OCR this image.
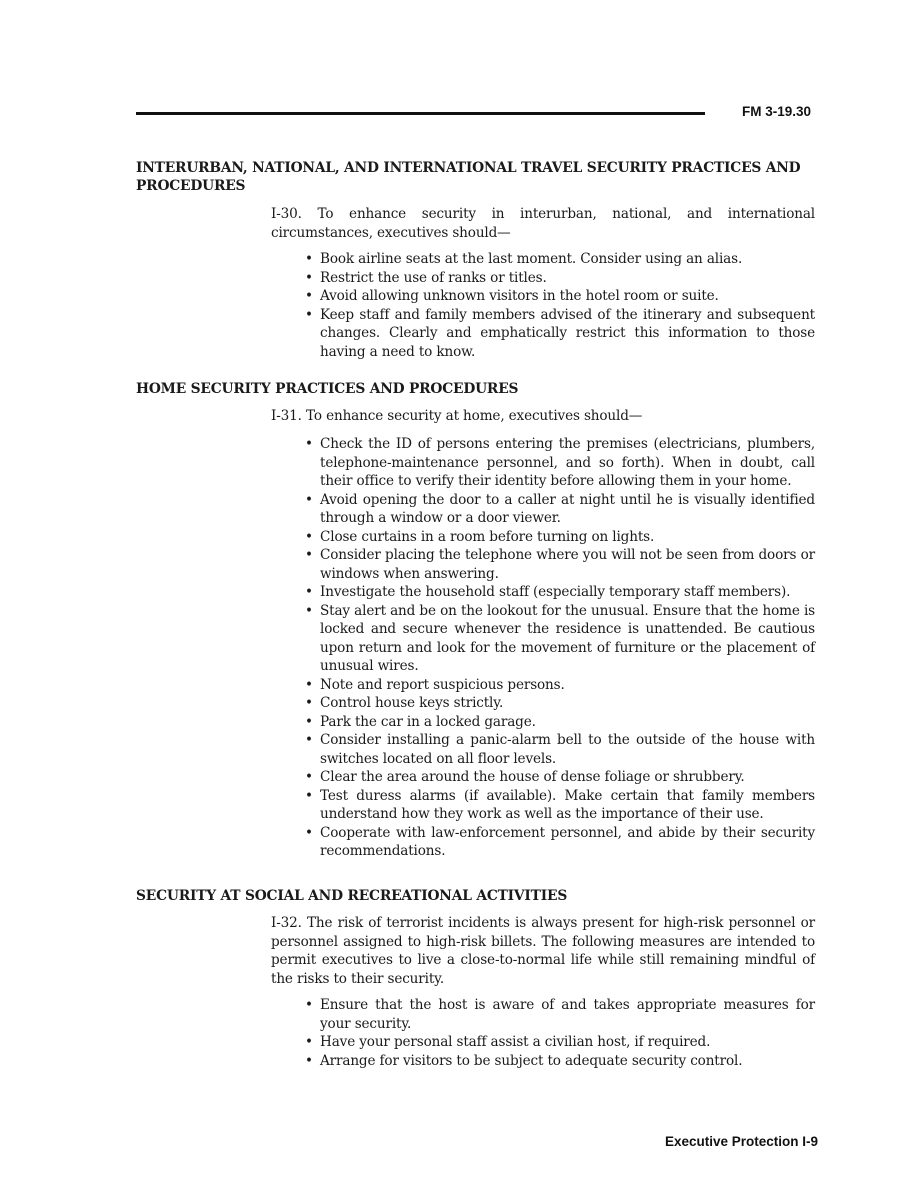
FM 3-19.30
INTERURBAN, NATIONAL, AND INTERNATIONAL TRAVEL SECURITY PRACTICES AND PROCEDURES
I-30. To enhance security in interurban, national, and international circumstances, executives should—
• Book airline seats at the last moment. Consider using an alias.
• Restrict the use of ranks or titles.
• Avoid allowing unknown visitors in the hotel room or suite.
• Keep staff and family members advised of the itinerary and subsequent changes. Clearly and emphatically restrict this information to those having a need to know.
HOME SECURITY PRACTICES AND PROCEDURES
I-31. To enhance security at home, executives should—
• Check the ID of persons entering the premises (electricians, plumbers, telephone-maintenance personnel, and so forth). When in doubt, call their office to verify their identity before allowing them in your home.
• Avoid opening the door to a caller at night until he is visually identified through a window or a door viewer.
• Close curtains in a room before turning on lights.
• Consider placing the telephone where you will not be seen from doors or windows when answering.
• Investigate the household staff (especially temporary staff members).
• Stay alert and be on the lookout for the unusual. Ensure that the home is locked and secure whenever the residence is unattended. Be cautious upon return and look for the movement of furniture or the placement of unusual wires.
• Note and report suspicious persons.
• Control house keys strictly.
• Park the car in a locked garage.
• Consider installing a panic-alarm bell to the outside of the house with switches located on all floor levels.
• Clear the area around the house of dense foliage or shrubbery.
• Test duress alarms (if available). Make certain that family members understand how they work as well as the importance of their use.
• Cooperate with law-enforcement personnel, and abide by their security recommendations.
SECURITY AT SOCIAL AND RECREATIONAL ACTIVITIES
I-32. The risk of terrorist incidents is always present for high-risk personnel or personnel assigned to high-risk billets. The following measures are intended to permit executives to live a close-to-normal life while still remaining mindful of the risks to their security.
• Ensure that the host is aware of and takes appropriate measures for your security.
• Have your personal staff assist a civilian host, if required.
• Arrange for visitors to be subject to adequate security control.
Executive Protection I-9
